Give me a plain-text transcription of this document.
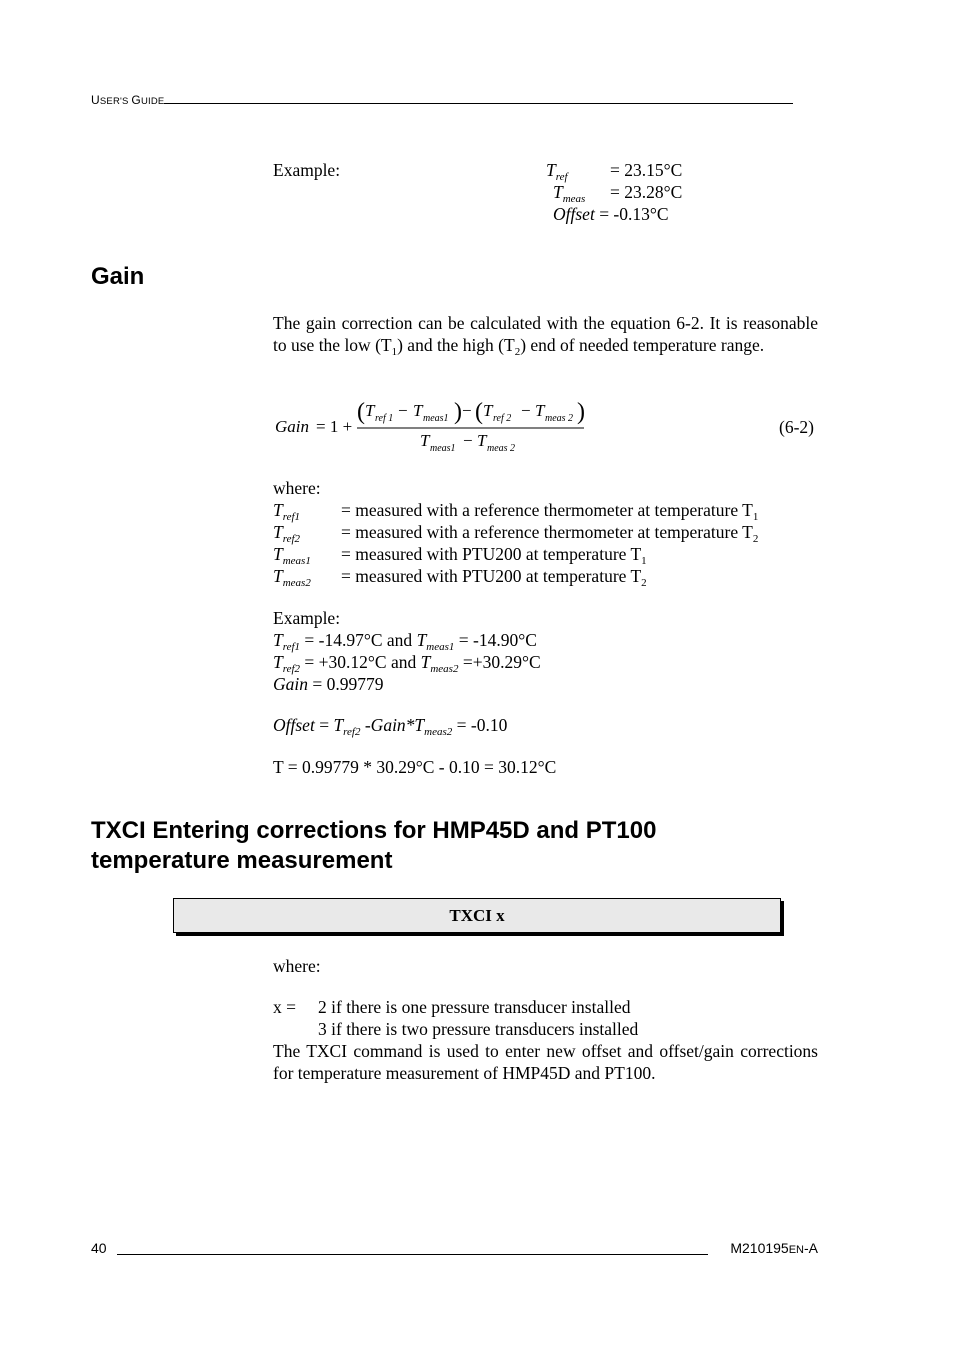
USER'S GUIDE
Example:	$T_{ref} = 23.15^\circ C$
$T_{meas} = 23.28^\circ C$
Offset = -0.13°C
Gain
The gain correction can be calculated with the equation 6-2. It is reasonable to use the low $(T_1)$ and the high $(T_2)$ end of needed temperature range.
Gain = 1 +
( T ref 1 − T meas1 ) − ( T ref 2 − T meas 2 )
T meas1 − T meas 2
(6-2)
where:
$T_{ref1}$ = measured with a reference thermometer at temperature $T_1$
$T_{ref2}$ = measured with a reference thermometer at temperature $T_2$
$T_{meas1}$ = measured with PTU200 at temperature $T_1$
$T_{meas2}$ = measured with PTU200 at temperature $T_2$
Example:
$T_{ref1} = -14.97^\circ C$ and $T_{meas1} = -14.90^\circ C$
$T_{ref2} = +30.12^\circ C$ and $T_{meas2} =+30.29^\circ C$
Gain = 0.99779
Offset = $T_{ref2}$ $-Gain*T_{meas2} = -0.10$
T = 0.99779 * 30.29°C - 0.10 = 30.12°C
TXCI Entering corrections for HMP45D and PT100 temperature measurement
TXCI x
where:
x = 2 if there is one pressure transducer installed
3 if there is two pressure transducers installed
The TXCI command is used to enter new offset and offset/gain corrections for temperature measurement of HMP45D and PT100.
40	M210195EN-A
